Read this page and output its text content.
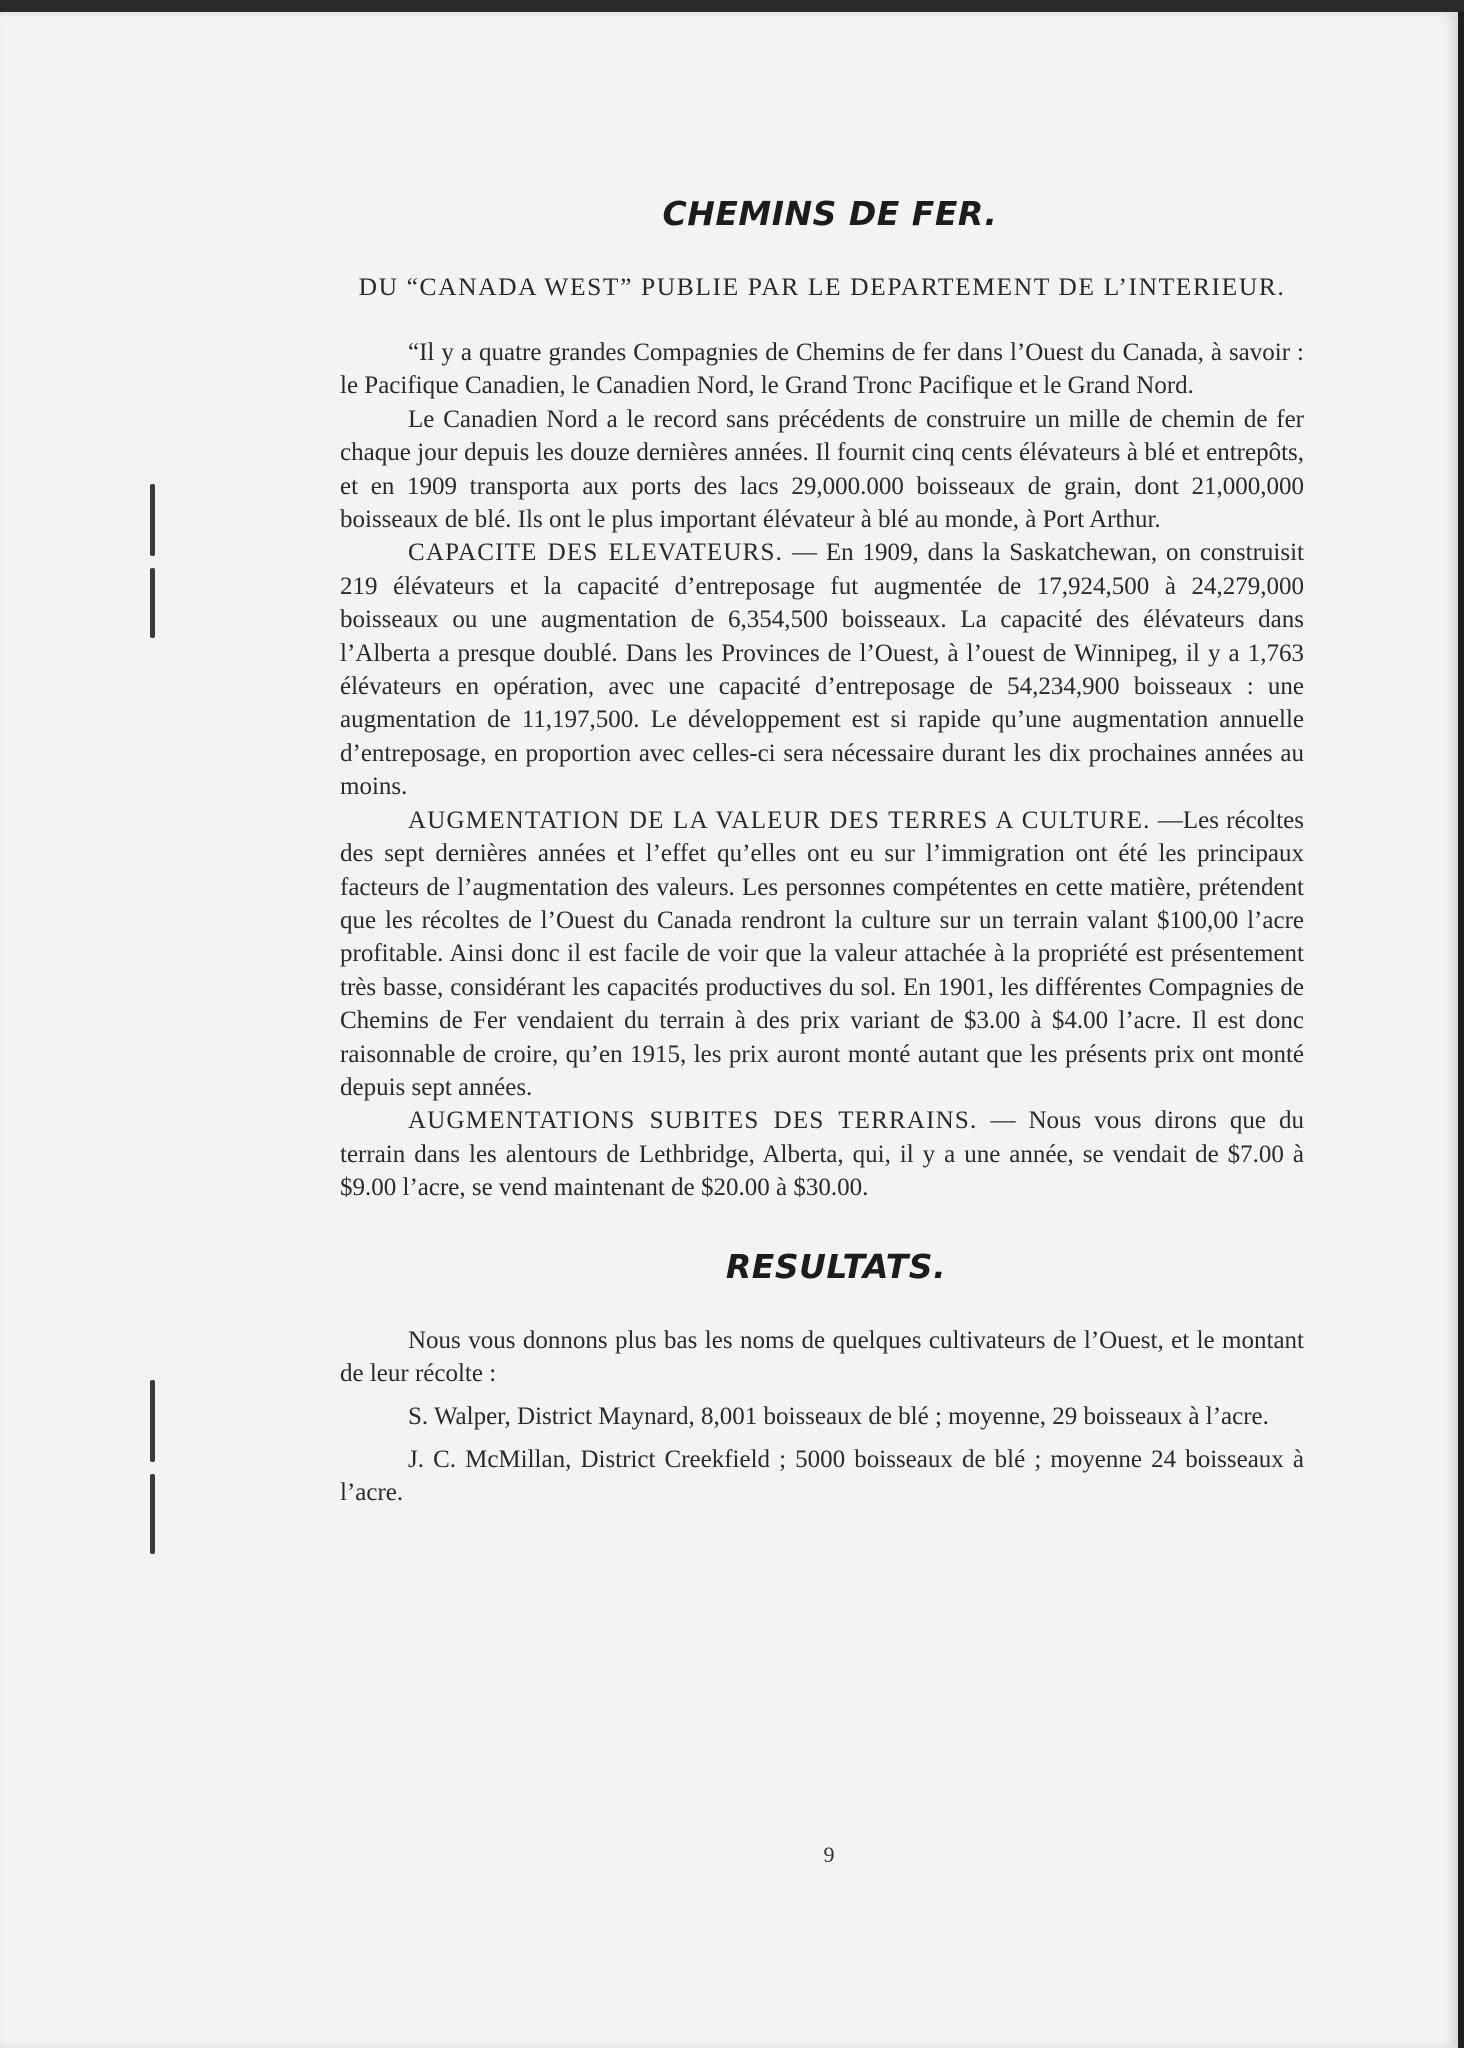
CHEMINS DE FER.
DU “CANADA WEST” PUBLIE PAR LE DEPARTEMENT DE L’INTERIEUR.

“Il y a quatre grandes Compagnies de Chemins de fer dans l’Ouest du Canada, à savoir : le Pacifique Canadien, le Canadien Nord, le Grand Tronc Pacifique et le Grand Nord.

Le Canadien Nord a le record sans précédents de construire un mille de chemin de fer chaque jour depuis les douze dernières années. Il fournit cinq cents élévateurs à blé et entrepôts, et en 1909 transporta aux ports des lacs 29,000.000 boisseaux de grain, dont 21,000,000 boisseaux de blé. Ils ont le plus important élévateur à blé au monde, à Port Arthur.

CAPACITE DES ELEVATEURS. — En 1909, dans la Saskatchewan, on construisit 219 élévateurs et la capacité d’entreposage fut augmentée de 17,924,500 à 24,279,000 boisseaux ou une augmentation de 6,354,500 boisseaux. La capacité des élévateurs dans l’Alberta a presque doublé. Dans les Provinces de l’Ouest, à l’ouest de Winnipeg, il y a 1,763 élévateurs en opération, avec une capacité d’entreposage de 54,234,900 boisseaux : une augmentation de 11,197,500. Le développement est si rapide qu’une augmentation annuelle d’entreposage, en proportion avec celles-ci sera nécessaire durant les dix prochaines années au moins.

AUGMENTATION DE LA VALEUR DES TERRES A CULTURE. —Les récoltes des sept dernières années et l’effet qu’elles ont eu sur l’immigration ont été les principaux facteurs de l’augmentation des valeurs. Les personnes compétentes en cette matière, prétendent que les récoltes de l’Ouest du Canada rendront la culture sur un terrain valant $100,00 l’acre profitable. Ainsi donc il est facile de voir que la valeur attachée à la propriété est présentement très basse, considérant les capacités productives du sol. En 1901, les différentes Compagnies de Chemins de Fer vendaient du terrain à des prix variant de $3.00 à $4.00 l’acre. Il est donc raisonnable de croire, qu’en 1915, les prix auront monté autant que les présents prix ont monté depuis sept années.

AUGMENTATIONS SUBITES DES TERRAINS. — Nous vous dirons que du terrain dans les alentours de Lethbridge, Alberta, qui, il y a une année, se vendait de $7.00 à $9.00 l’acre, se vend maintenant de $20.00 à $30.00.

RESULTATS.

Nous vous donnons plus bas les noms de quelques cultivateurs de l’Ouest, et le montant de leur récolte :

S. Walper, District Maynard, 8,001 boisseaux de blé ; moyenne, 29 boisseaux à l’acre.

J. C. McMillan, District Creekfield ; 5000 boisseaux de blé ; moyenne 24 boisseaux à l’acre.

9
